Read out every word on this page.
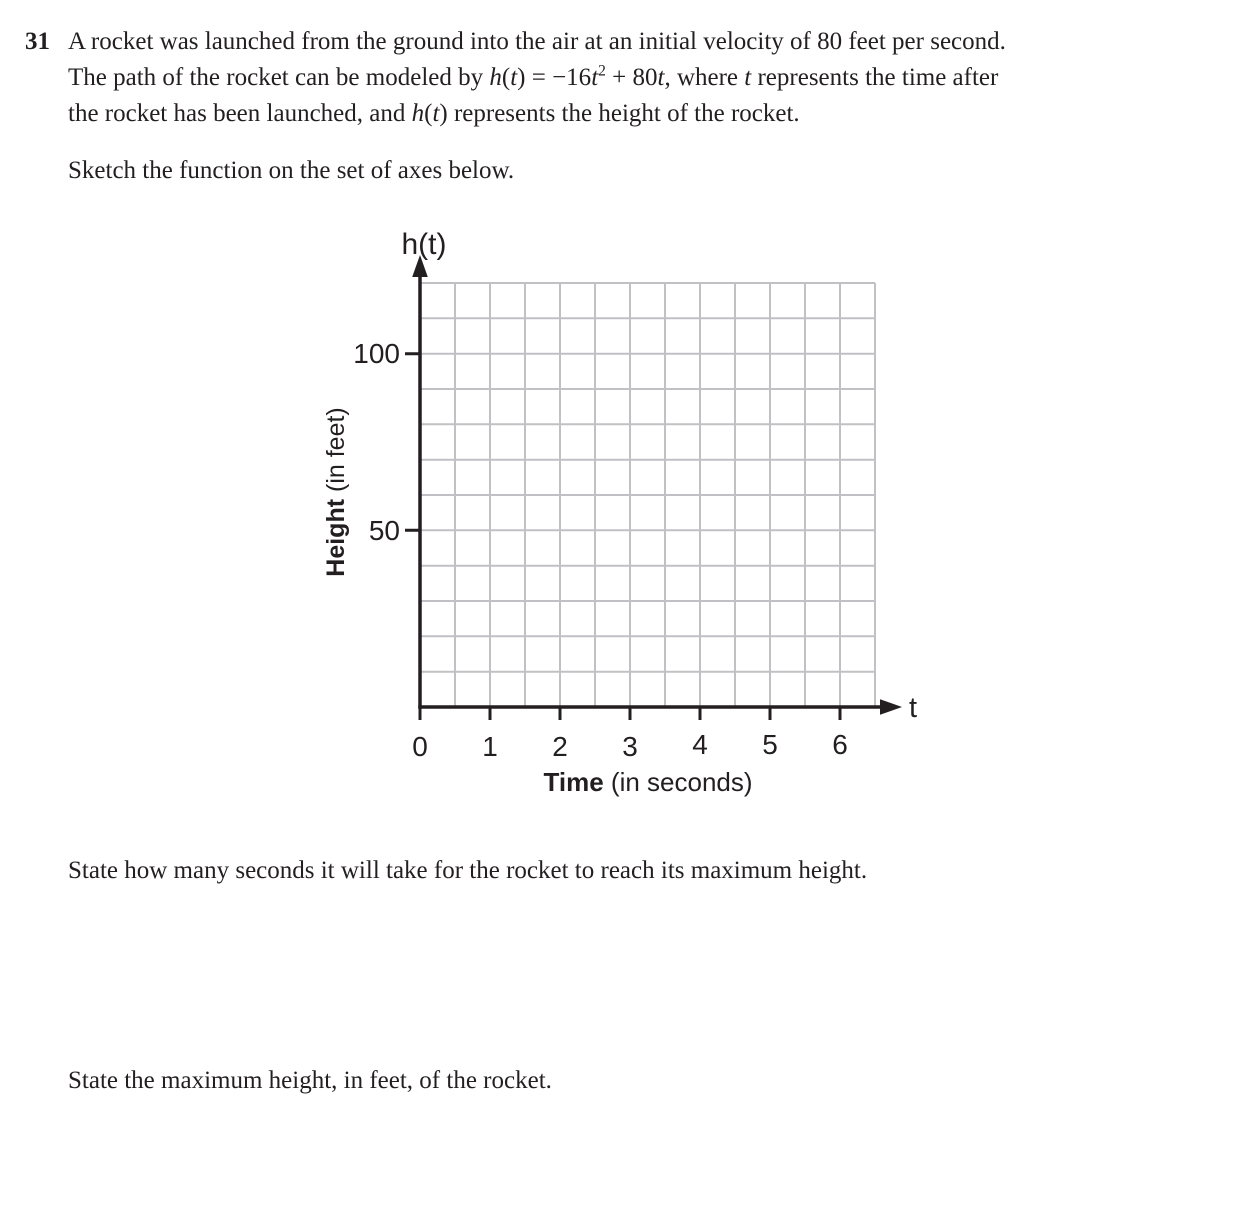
31 A rocket was launched from the ground into the air at an initial velocity of 80 feet per second.
The path of the rocket can be modeled by $h(t) = -16t^2 + 80t$, where t represents the time after
the rocket has been launched, and h(t) represents the height of the rocket.
Sketch the function on the set of axes below.
h(t)
t
100
50
0 1 2 3 4 5 6
Height (in feet)
Time (in seconds)
State how many seconds it will take for the rocket to reach its maximum height.
State the maximum height, in feet, of the rocket.
